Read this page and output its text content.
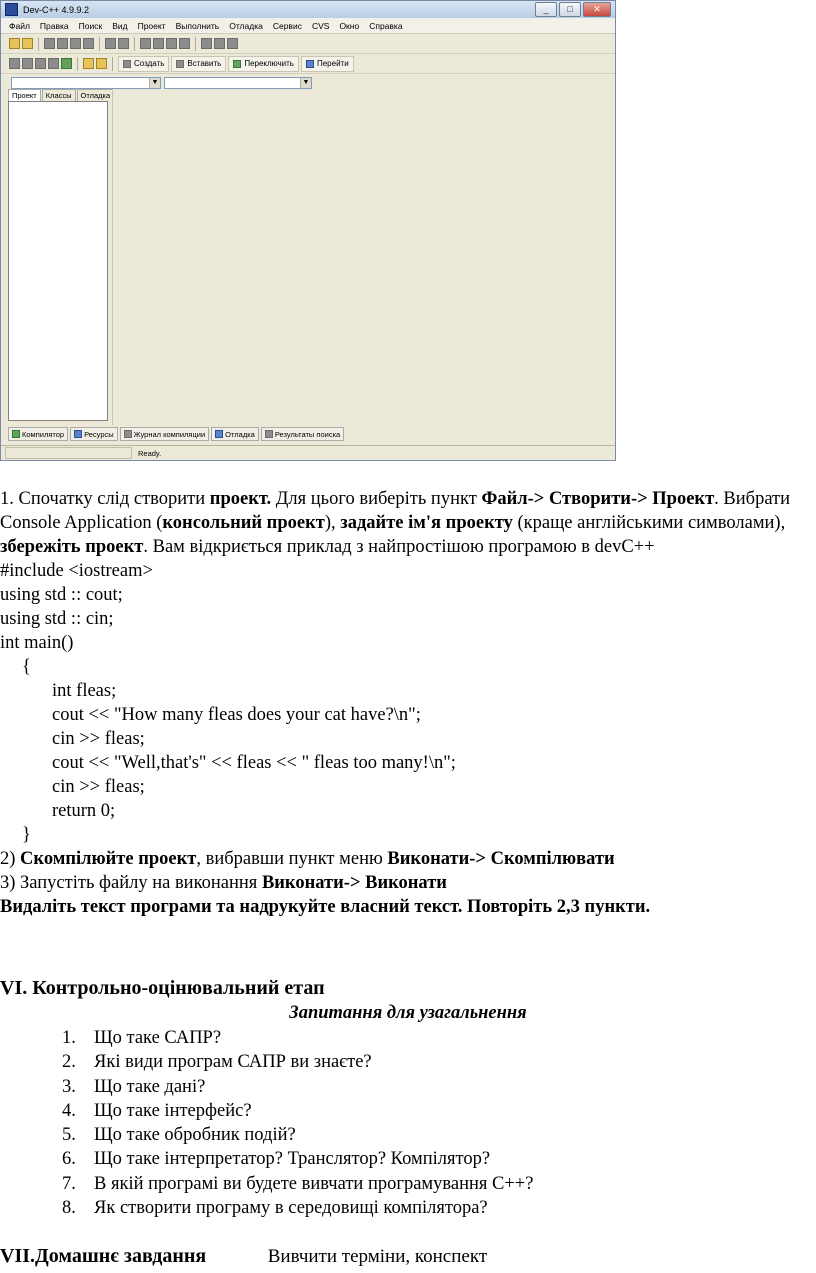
Dev-C++ 4.9.9.2	_	□	✕
Файл	Правка	Поиск	Вид	Проект	Выполнить	Отладка	Сервис	CVS	Окно	Справка
Создать	Вставить	Переключить	Перейти
▼	▼
Проект	Классы	Отладка
Компилятор	Ресурсы	Журнал компиляции	Отладка	Результаты поиска
Ready.

1. Спочатку слід створити проект. Для цього виберіть пункт Файл-> Створити-> Проект. Вибрати Console Application (консольний проект), задайте ім'я проекту (краще англійськими символами), збережіть проект. Вам відкриється приклад з найпростішою програмою в devC++

#include <iostream>
using std :: cout;
using std :: cin;
int main()
{
int fleas;
cout << "How many fleas does your cat have?\n";
cin >> fleas;
cout << "Well,that's" << fleas << " fleas too many!\n";
cin >> fleas;
return 0;
}

2) Скомпілюйте проект, вибравши пункт меню Виконати-> Скомпілювати

3) Запустіть файлу на виконання Виконати-> Виконати

Видаліть текст програми та надрукуйте власний текст. Повторіть 2,3 пункти.

VI. Контрольно-оцінювальний етап
Запитання для узагальнення
1. Що таке САПР?
2. Які види програм САПР ви знаєте?
3. Що таке дані?
4. Що таке інтерфейс?
5. Що таке обробник подій?
6. Що таке інтерпретатор? Транслятор? Компілятор?
7. В якій програмі ви будете вивчати програмування С++?
8. Як створити програму в середовищі компілятора?
VII.Домашнє завдання	Вивчити терміни, конспект
